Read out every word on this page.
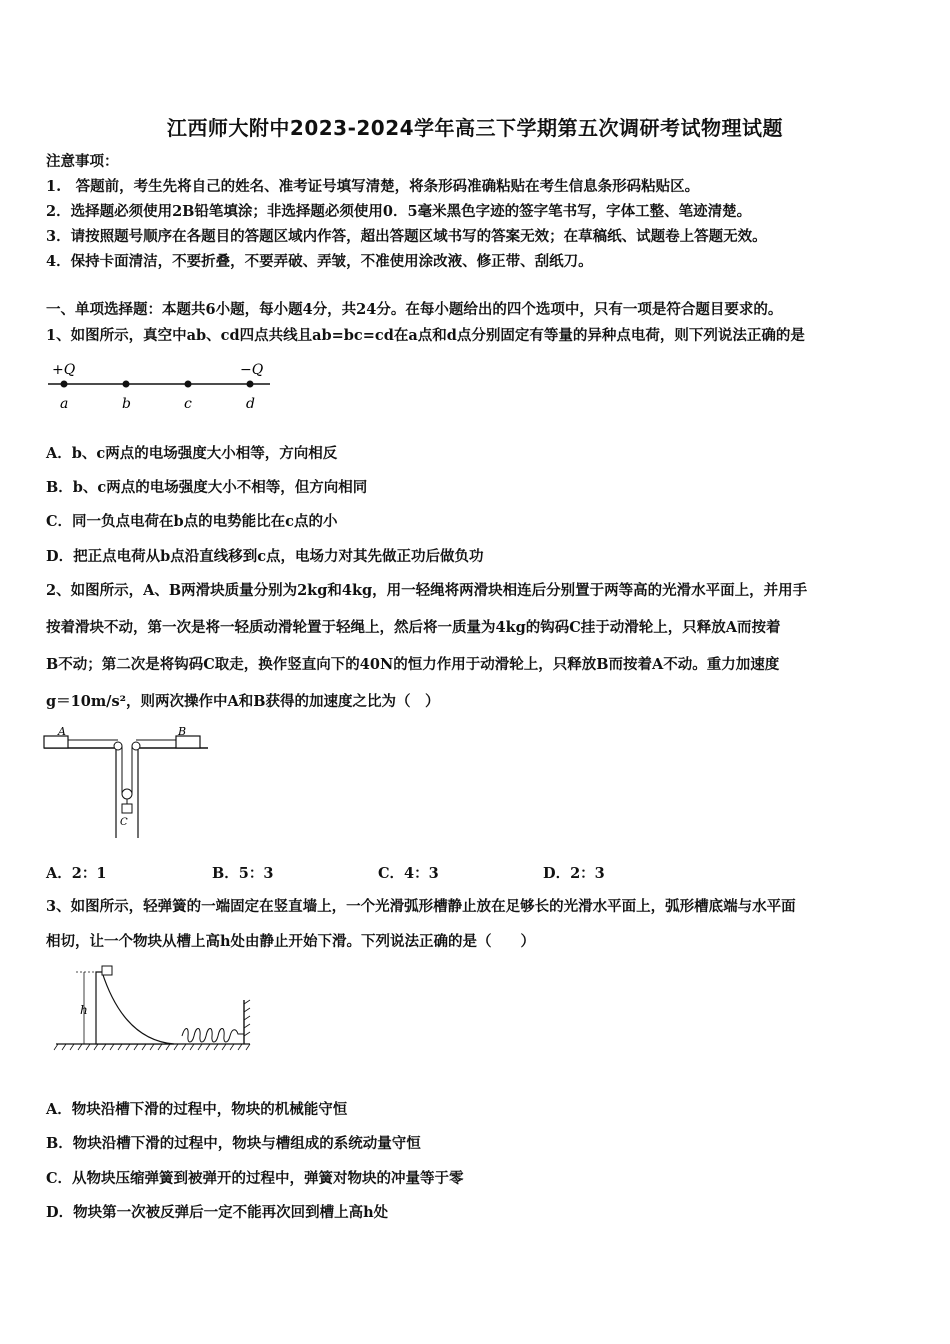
江西师大附中2023-2024学年高三下学期第五次调研考试物理试题
注意事项：
1.　答题前，考生先将自己的姓名、准考证号填写清楚，将条形码准确粘贴在考生信息条形码粘贴区。
2．选择题必须使用2B铅笔填涂；非选择题必须使用0．5毫米黑色字迹的签字笔书写，字体工整、笔迹清楚。
3．请按照题号顺序在各题目的答题区域内作答，超出答题区域书写的答案无效；在草稿纸、试题卷上答题无效。
4．保持卡面清洁，不要折叠，不要弄破、弄皱，不准使用涂改液、修正带、刮纸刀。
一、单项选择题：本题共6小题，每小题4分，共24分。在每小题给出的四个选项中，只有一项是符合题目要求的。
1、如图所示，真空中ab、cd四点共线且ab=bc=cd在a点和d点分别固定有等量的异种点电荷，则下列说法正确的是
+Q	−Q
a	b	c	d
A．b、c两点的电场强度大小相等，方向相反
B．b、c两点的电场强度大小不相等，但方向相同
C．同一负点电荷在b点的电势能比在c点的小
D．把正点电荷从b点沿直线移到c点，电场力对其先做正功后做负功
2、如图所示，A、B两滑块质量分别为2kg和4kg，用一轻绳将两滑块相连后分别置于两等高的光滑水平面上，并用手
按着滑块不动，第一次是将一轻质动滑轮置于轻绳上，然后将一质量为4kg的钩码C挂于动滑轮上，只释放A而按着
B不动；第二次是将钩码C取走，换作竖直向下的40N的恒力作用于动滑轮上，只释放B而按着A不动。重力加速度
g＝10m/s²，则两次操作中A和B获得的加速度之比为（　）
A	B
C
A．2：1	B．5：3	C．4：3	D．2：3
3、如图所示，轻弹簧的一端固定在竖直墙上，一个光滑弧形槽静止放在足够长的光滑水平面上，弧形槽底端与水平面
相切，让一个物块从槽上高h处由静止开始下滑。下列说法正确的是（　　）
h
A．物块沿槽下滑的过程中，物块的机械能守恒
B．物块沿槽下滑的过程中，物块与槽组成的系统动量守恒
C．从物块压缩弹簧到被弹开的过程中，弹簧对物块的冲量等于零
D．物块第一次被反弹后一定不能再次回到槽上高h处
